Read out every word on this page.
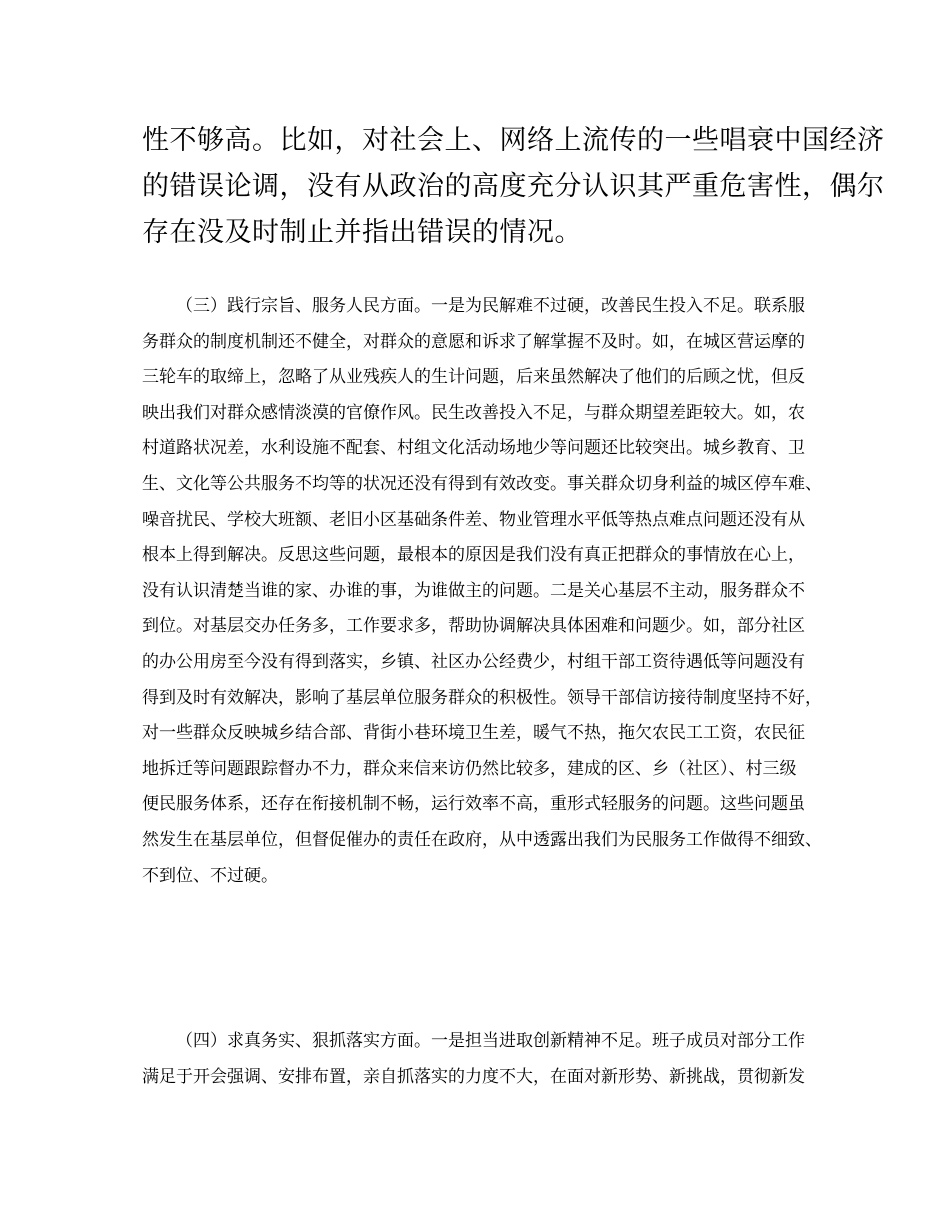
性不够高。比如，对社会上、网络上流传的一些唱衰中国经济
的错误论调，没有从政治的高度充分认识其严重危害性，偶尔
存在没及时制止并指出错误的情况。
（三）践行宗旨、服务人民方面。一是为民解难不过硬，改善民生投入不足。联系服
务群众的制度机制还不健全，对群众的意愿和诉求了解掌握不及时。如，在城区营运摩的
三轮车的取缔上，忽略了从业残疾人的生计问题，后来虽然解决了他们的后顾之忧，但反
映出我们对群众感情淡漠的官僚作风。民生改善投入不足，与群众期望差距较大。如，农
村道路状况差，水利设施不配套、村组文化活动场地少等问题还比较突出。城乡教育、卫
生、文化等公共服务不均等的状况还没有得到有效改变。事关群众切身利益的城区停车难、
噪音扰民、学校大班额、老旧小区基础条件差、物业管理水平低等热点难点问题还没有从
根本上得到解决。反思这些问题，最根本的原因是我们没有真正把群众的事情放在心上，
没有认识清楚当谁的家、办谁的事，为谁做主的问题。二是关心基层不主动，服务群众不
到位。对基层交办任务多，工作要求多，帮助协调解决具体困难和问题少。如，部分社区
的办公用房至今没有得到落实，乡镇、社区办公经费少，村组干部工资待遇低等问题没有
得到及时有效解决，影响了基层单位服务群众的积极性。领导干部信访接待制度坚持不好，
对一些群众反映城乡结合部、背街小巷环境卫生差，暖气不热，拖欠农民工工资，农民征
地拆迁等问题跟踪督办不力，群众来信来访仍然比较多，建成的区、乡（社区）、村三级
便民服务体系，还存在衔接机制不畅，运行效率不高，重形式轻服务的问题。这些问题虽
然发生在基层单位，但督促催办的责任在政府，从中透露出我们为民服务工作做得不细致、
不到位、不过硬。
（四）求真务实、狠抓落实方面。一是担当进取创新精神不足。班子成员对部分工作
满足于开会强调、安排布置，亲自抓落实的力度不大，在面对新形势、新挑战，贯彻新发
